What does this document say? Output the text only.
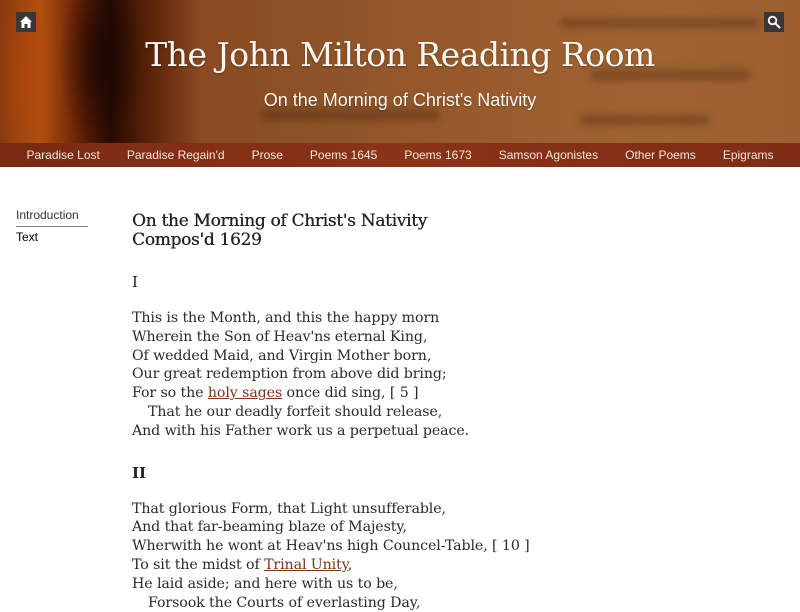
The John Milton Reading Room
On the Morning of Christ's Nativity
Paradise Lost Paradise Regain'd Prose Poems 1645 Poems 1673 Samson Agonistes Other Poems Epigrams
Introduction
Text
On the Morning of Christ's Nativity
Compos'd 1629
I
This is the Month, and this the happy morn
Wherein the Son of Heav'ns eternal King,
Of wedded Maid, and Virgin Mother born,
Our great redemption from above did bring;
For so the holy sages once did sing, [ 5 ]
That he our deadly forfeit should release,
And with his Father work us a perpetual peace.
II
That glorious Form, that Light unsufferable,
And that far-beaming blaze of Majesty,
Wherwith he wont at Heav'ns high Councel-Table, [ 10 ]
To sit the midst of Trinal Unity,
He laid aside; and here with us to be,
Forsook the Courts of everlasting Day,
